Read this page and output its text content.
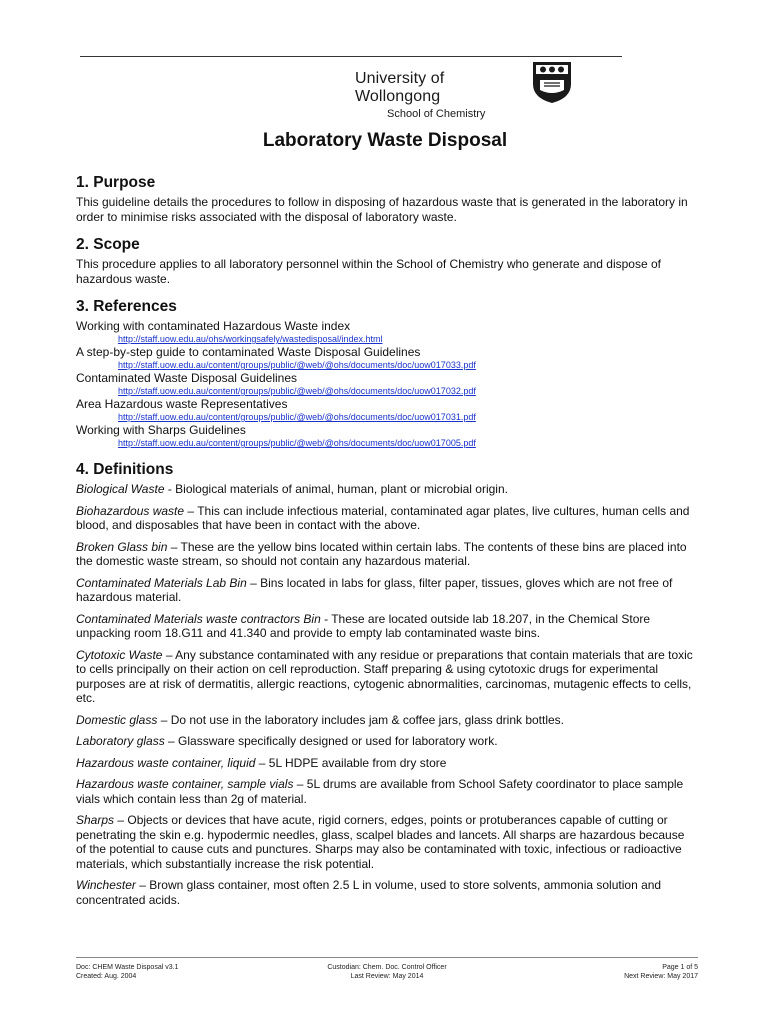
University of Wollongong
School of Chemistry
Laboratory Waste Disposal
1. Purpose

This guideline details the procedures to follow in disposing of hazardous waste that is generated in the laboratory in order to minimise risks associated with the disposal of laboratory waste.

2. Scope

This procedure applies to all laboratory personnel within the School of Chemistry who generate and dispose of hazardous waste.

3. References
Working with contaminated Hazardous Waste index
http://staff.uow.edu.au/ohs/workingsafely/wastedisposal/index.html
A step-by-step guide to contaminated Waste Disposal Guidelines
http://staff.uow.edu.au/content/groups/public/@web/@ohs/documents/doc/uow017033.pdf
Contaminated Waste Disposal Guidelines
http://staff.uow.edu.au/content/groups/public/@web/@ohs/documents/doc/uow017032.pdf
Area Hazardous waste Representatives
http://staff.uow.edu.au/content/groups/public/@web/@ohs/documents/doc/uow017031.pdf
Working with Sharps Guidelines
http://staff.uow.edu.au/content/groups/public/@web/@ohs/documents/doc/uow017005.pdf
4. Definitions

Biological Waste - Biological materials of animal, human, plant or microbial origin.

Biohazardous waste – This can include infectious material, contaminated agar plates, live cultures, human cells and blood, and disposables that have been in contact with the above.

Broken Glass bin – These are the yellow bins located within certain labs. The contents of these bins are placed into the domestic waste stream, so should not contain any hazardous material.

Contaminated Materials Lab Bin – Bins located in labs for glass, filter paper, tissues, gloves which are not free of hazardous material.

Contaminated Materials waste contractors Bin - These are located outside lab 18.207, in the Chemical Store unpacking room 18.G11 and 41.340 and provide to empty lab contaminated waste bins.

Cytotoxic Waste – Any substance contaminated with any residue or preparations that contain materials that are toxic to cells principally on their action on cell reproduction. Staff preparing & using cytotoxic drugs for experimental purposes are at risk of dermatitis, allergic reactions, cytogenic abnormalities, carcinomas, mutagenic effects to cells, etc.

Domestic glass – Do not use in the laboratory includes jam & coffee jars, glass drink bottles.

Laboratory glass – Glassware specifically designed or used for laboratory work.

Hazardous waste container, liquid – 5L HDPE available from dry store

Hazardous waste container, sample vials – 5L drums are available from School Safety coordinator to place sample vials which contain less than 2g of material.

Sharps – Objects or devices that have acute, rigid corners, edges, points or protuberances capable of cutting or penetrating the skin e.g. hypodermic needles, glass, scalpel blades and lancets. All sharps are hazardous because of the potential to cause cuts and punctures. Sharps may also be contaminated with toxic, infectious or radioactive materials, which substantially increase the risk potential.

Winchester – Brown glass container, most often 2.5 L in volume, used to store solvents, ammonia solution and concentrated acids.

Doc: CHEM Waste Disposal v3.1
Created: Aug. 2004
Custodian: Chem. Doc. Control Officer
Last Review: May 2014
Page 1 of 5
Next Review: May 2017
